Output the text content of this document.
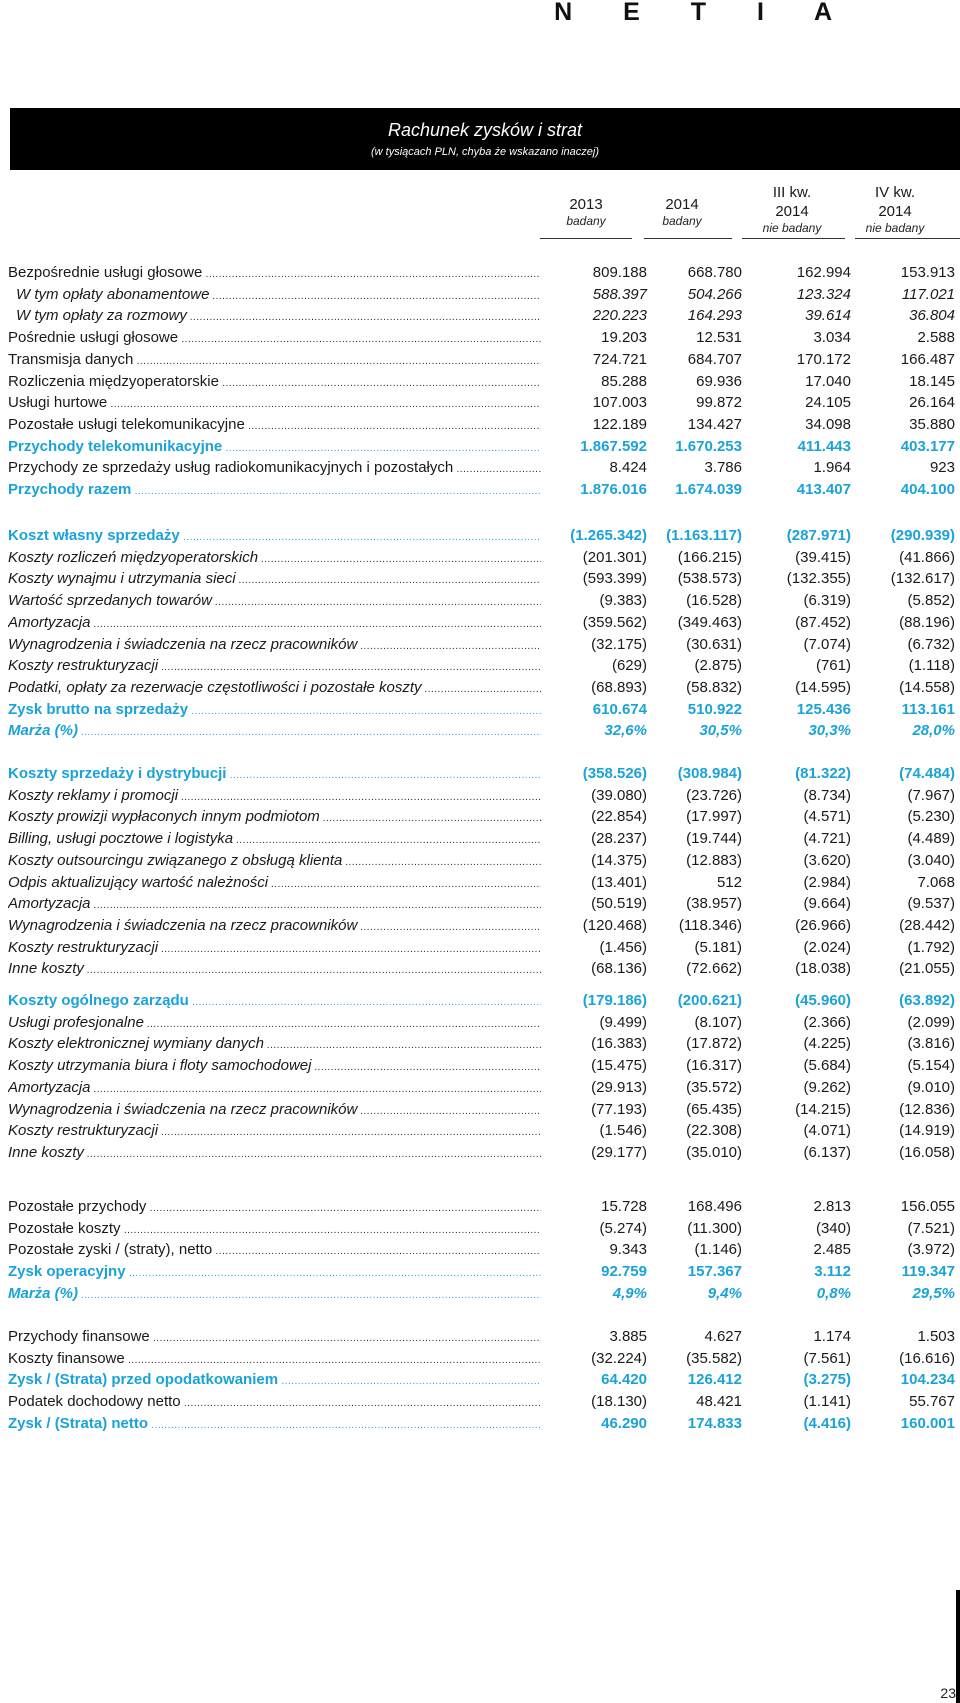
N E T I A
Rachunek zysków i strat
(w tysiącach PLN, chyba że wskazano inaczej)
2013
badany
2014
badany
III kw.
2014
nie badany
IV kw.
2014
nie badany
Bezpośrednie usługi głosowe .....	809.188	668.780	162.994	153.913
W tym opłaty abonamentowe .....	588.397	504.266	123.324	117.021
W tym opłaty za rozmowy .....	220.223	164.293	39.614	36.804
Pośrednie usługi głosowe .....	19.203	12.531	3.034	2.588
Transmisja danych .....	724.721	684.707	170.172	166.487
Rozliczenia międzyoperatorskie .....	85.288	69.936	17.040	18.145
Usługi hurtowe .....	107.003	99.872	24.105	26.164
Pozostałe usługi telekomunikacyjne .....	122.189	134.427	34.098	35.880
Przychody telekomunikacyjne .....	1.867.592 1.670.253	411.443	403.177
Przychody ze sprzedaży usług radiokomunikacyjnych i pozostałych .....	8.424	3.786	1.964	923
Przychody razem .....	1.876.016 1.674.039	413.407	404.100
Koszt własny sprzedaży .....	(1.265.342) (1.163.117)	(287.971)	(290.939)
Koszty rozliczeń międzyoperatorskich .....	(201.301) (166.215)	(39.415)	(41.866)
Koszty wynajmu i utrzymania sieci .....	(593.399) (538.573)	(132.355)	(132.617)
Wartość sprzedanych towarów .....	(9.383)	(16.528)	(6.319)	(5.852)
Amortyzacja .....	(359.562) (349.463)	(87.452)	(88.196)
Wynagrodzenia i świadczenia na rzecz pracowników .....	(32.175)	(30.631)	(7.074)	(6.732)
Koszty restrukturyzacji .....	(629)	(2.875)	(761)	(1.118)
Podatki, opłaty za rezerwacje częstotliwości i pozostałe koszty .....	(68.893)	(58.832)	(14.595)	(14.558)
Zysk brutto na sprzedaży .....	610.674	510.922	125.436	113.161
Marża (%) .....	32,6%	30,5%	30,3%	28,0%
Koszty sprzedaży i dystrybucji .....	(358.526) (308.984)	(81.322)	(74.484)
Koszty reklamy i promocji .....	(39.080)	(23.726)	(8.734)	(7.967)
Koszty prowizji wypłaconych innym podmiotom .....	(22.854)	(17.997)	(4.571)	(5.230)
Billing, usługi pocztowe i logistyka .....	(28.237)	(19.744)	(4.721)	(4.489)
Koszty outsourcingu związanego z obsługą klienta .....	(14.375)	(12.883)	(3.620)	(3.040)
Odpis aktualizujący wartość należności .....	(13.401)	512	(2.984)	7.068
Amortyzacja .....	(50.519)	(38.957)	(9.664)	(9.537)
Wynagrodzenia i świadczenia na rzecz pracowników .....	(120.468) (118.346)	(26.966)	(28.442)
Koszty restrukturyzacji .....	(1.456)	(5.181)	(2.024)	(1.792)
Inne koszty .....	(68.136)	(72.662)	(18.038)	(21.055)
Koszty ogólnego zarządu .....	(179.186) (200.621)	(45.960)	(63.892)
Usługi profesjonalne .....	(9.499)	(8.107)	(2.366)	(2.099)
Koszty elektronicznej wymiany danych .....	(16.383)	(17.872)	(4.225)	(3.816)
Koszty utrzymania biura i floty samochodowej .....	(15.475)	(16.317)	(5.684)	(5.154)
Amortyzacja .....	(29.913)	(35.572)	(9.262)	(9.010)
Wynagrodzenia i świadczenia na rzecz pracowników .....	(77.193)	(65.435)	(14.215)	(12.836)
Koszty restrukturyzacji .....	(1.546)	(22.308)	(4.071)	(14.919)
Inne koszty .....	(29.177)	(35.010)	(6.137)	(16.058)
Pozostałe przychody .....	15.728	168.496	2.813	156.055
Pozostałe koszty .....	(5.274)	(11.300)	(340)	(7.521)
Pozostałe zyski / (straty), netto .....	9.343	(1.146)	2.485	(3.972)
Zysk operacyjny .....	92.759	157.367	3.112	119.347
Marża (%) .....	4,9%	9,4%	0,8%	29,5%
Przychody finansowe .....	3.885	4.627	1.174	1.503
Koszty finansowe .....	(32.224)	(35.582)	(7.561)	(16.616)
Zysk / (Strata) przed opodatkowaniem .....	64.420	126.412	(3.275)	104.234
Podatek dochodowy netto .....	(18.130)	48.421	(1.141)	55.767
Zysk / (Strata) netto .....	46.290	174.833	(4.416)	160.001
23
